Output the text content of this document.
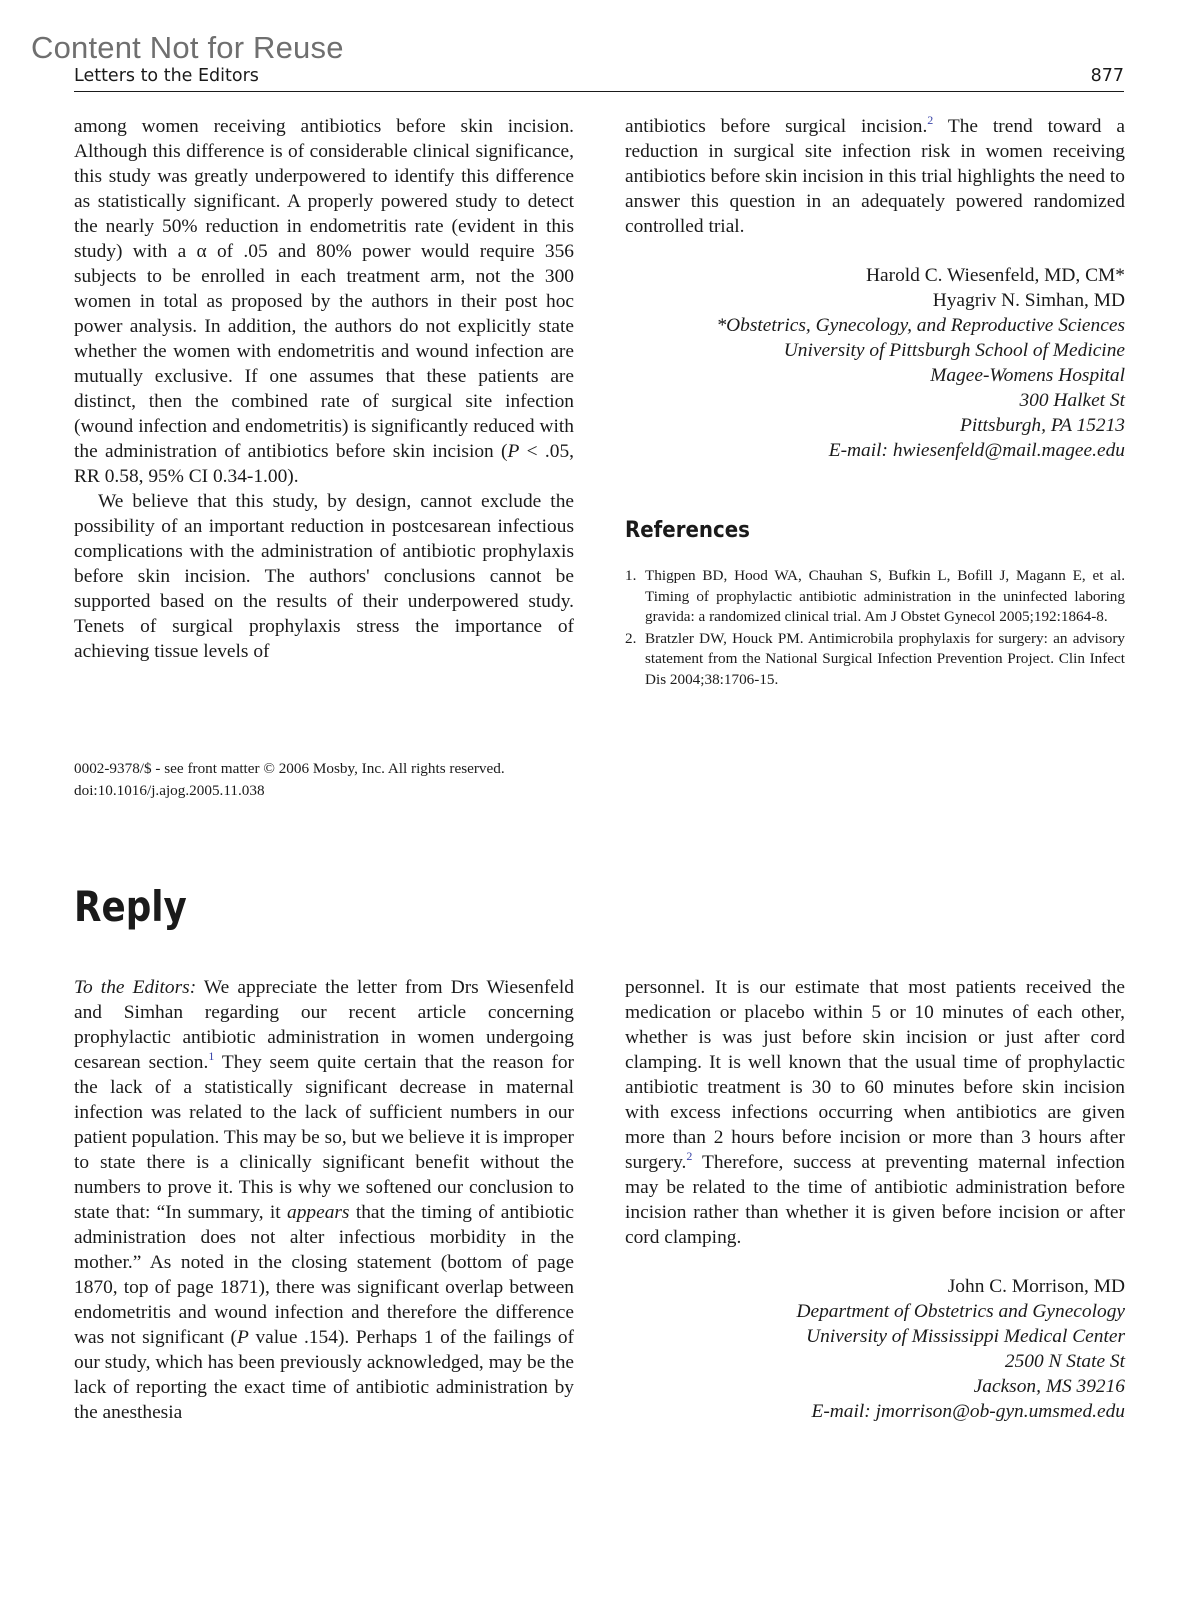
Content Not for Reuse
Letters to the Editors	877

among women receiving antibiotics before skin incision. Although this difference is of considerable clinical significance, this study was greatly underpowered to identify this difference as statistically significant. A properly powered study to detect the nearly 50% reduction in endometritis rate (evident in this study) with a α of .05 and 80% power would require 356 subjects to be enrolled in each treatment arm, not the 300 women in total as proposed by the authors in their post hoc power analysis. In addition, the authors do not explicitly state whether the women with endometritis and wound infection are mutually exclusive. If one assumes that these patients are distinct, then the combined rate of surgical site infection (wound infection and endometritis) is significantly reduced with the administration of antibiotics before skin incision (P < .05, RR 0.58, 95% CI 0.34-1.00).

We believe that this study, by design, cannot exclude the possibility of an important reduction in postcesarean infectious complications with the administration of antibiotic prophylaxis before skin incision. The authors' conclusions cannot be supported based on the results of their underpowered study. Tenets of surgical prophylaxis stress the importance of achieving tissue levels of

antibiotics before surgical incision.$^2$ The trend toward a reduction in surgical site infection risk in women receiving antibiotics before skin incision in this trial highlights the need to answer this question in an adequately powered randomized controlled trial.

Harold C. Wiesenfeld, MD, CM*
Hyagriv N. Simhan, MD
*Obstetrics, Gynecology, and Reproductive Sciences
University of Pittsburgh School of Medicine
Magee-Womens Hospital
300 Halket St
Pittsburgh, PA 15213
E-mail: hwiesenfeld@mail.magee.edu
References
1. Thigpen BD, Hood WA, Chauhan S, Bufkin L, Bofill J, Magann E, et al. Timing of prophylactic antibiotic administration in the uninfected laboring gravida: a randomized clinical trial. Am J Obstet Gynecol 2005;192:1864-8.
2. Bratzler DW, Houck PM. Antimicrobila prophylaxis for surgery: an advisory statement from the National Surgical Infection Prevention Project. Clin Infect Dis 2004;38:1706-15.
0002-9378/$ - see front matter © 2006 Mosby, Inc. All rights reserved.
doi:10.1016/j.ajog.2005.11.038
Reply

To the Editors: We appreciate the letter from Drs Wiesenfeld and Simhan regarding our recent article concerning prophylactic antibiotic administration in women undergoing cesarean section.$^1$ They seem quite certain that the reason for the lack of a statistically significant decrease in maternal infection was related to the lack of sufficient numbers in our patient population. This may be so, but we believe it is improper to state there is a clinically significant benefit without the numbers to prove it. This is why we softened our conclusion to state that: “In summary, it appears that the timing of antibiotic administration does not alter infectious morbidity in the mother.” As noted in the closing statement (bottom of page 1870, top of page 1871), there was significant overlap between endometritis and wound infection and therefore the difference was not significant (P value .154). Perhaps 1 of the failings of our study, which has been previously acknowledged, may be the lack of reporting the exact time of antibiotic administration by the anesthesia

personnel. It is our estimate that most patients received the medication or placebo within 5 or 10 minutes of each other, whether is was just before skin incision or just after cord clamping. It is well known that the usual time of prophylactic antibiotic treatment is 30 to 60 minutes before skin incision with excess infections occurring when antibiotics are given more than 2 hours before incision or more than 3 hours after surgery.$^2$ Therefore, success at preventing maternal infection may be related to the time of antibiotic administration before incision rather than whether it is given before incision or after cord clamping.

John C. Morrison, MD
Department of Obstetrics and Gynecology
University of Mississippi Medical Center
2500 N State St
Jackson, MS 39216
E-mail: jmorrison@ob-gyn.umsmed.edu
